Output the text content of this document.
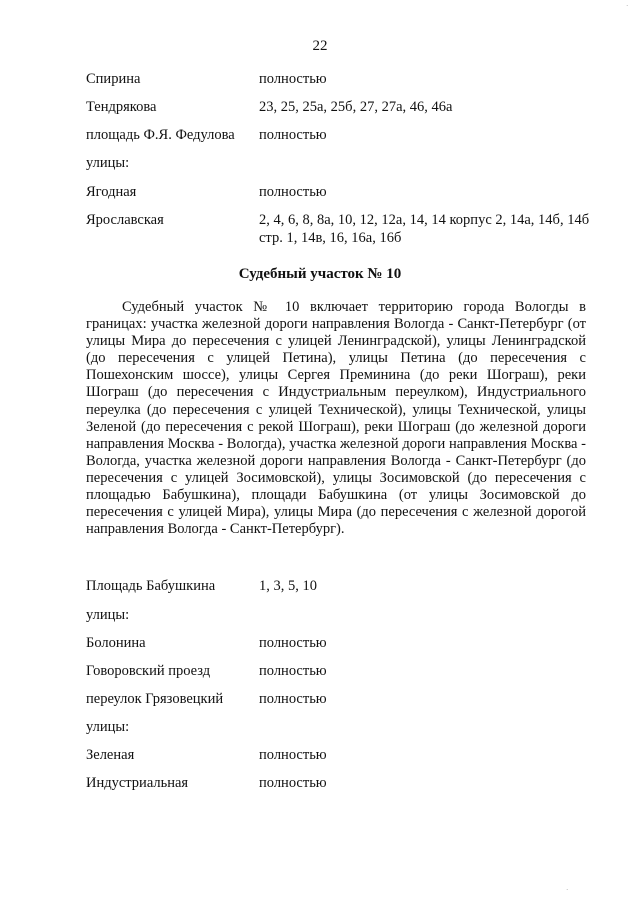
22
Спирина	полностью
Тендрякова	23, 25, 25а, 25б, 27, 27а, 46, 46а
площадь Ф.Я. Федулова	полностью
улицы:
Ягодная	полностью
Ярославская	2, 4, 6, 8, 8а, 10, 12, 12а, 14, 14 корпус 2, 14а, 14б, 14б стр. 1, 14в, 16, 16а, 16б
Судебный участок № 10

Судебный участок № 10 включает территорию города Вологды в границах: участка железной дороги направления Вологда - Санкт-Петербург (от улицы Мира до пересечения с улицей Ленинградской), улицы Ленинградской (до пересечения с улицей Петина), улицы Петина (до пересечения с Пошехонским шоссе), улицы Сергея Преминина (до реки Шограш), реки Шограш (до пересечения с Индустриальным переулком), Индустриального переулка (до пересечения с улицей Технической), улицы Технической, улицы Зеленой (до пересечения с рекой Шограш), реки Шограш (до железной дороги направления Москва - Вологда), участка железной дороги направления Москва - Вологда, участка железной дороги направления Вологда - Санкт-Петербург (до пересечения с улицей Зосимовской), улицы Зосимовской (до пересечения с площадью Бабушкина), площади Бабушкина (от улицы Зосимовской до пересечения с улицей Мира), улицы Мира (до пересечения с железной дорогой направления Вологда - Санкт-Петербург).

Площадь Бабушкина	1, 3, 5, 10
улицы:
Болонина	полностью
Говоровский проезд	полностью
переулок Грязовецкий	полностью
улицы:
Зеленая	полностью
Индустриальная	полностью
·
·
